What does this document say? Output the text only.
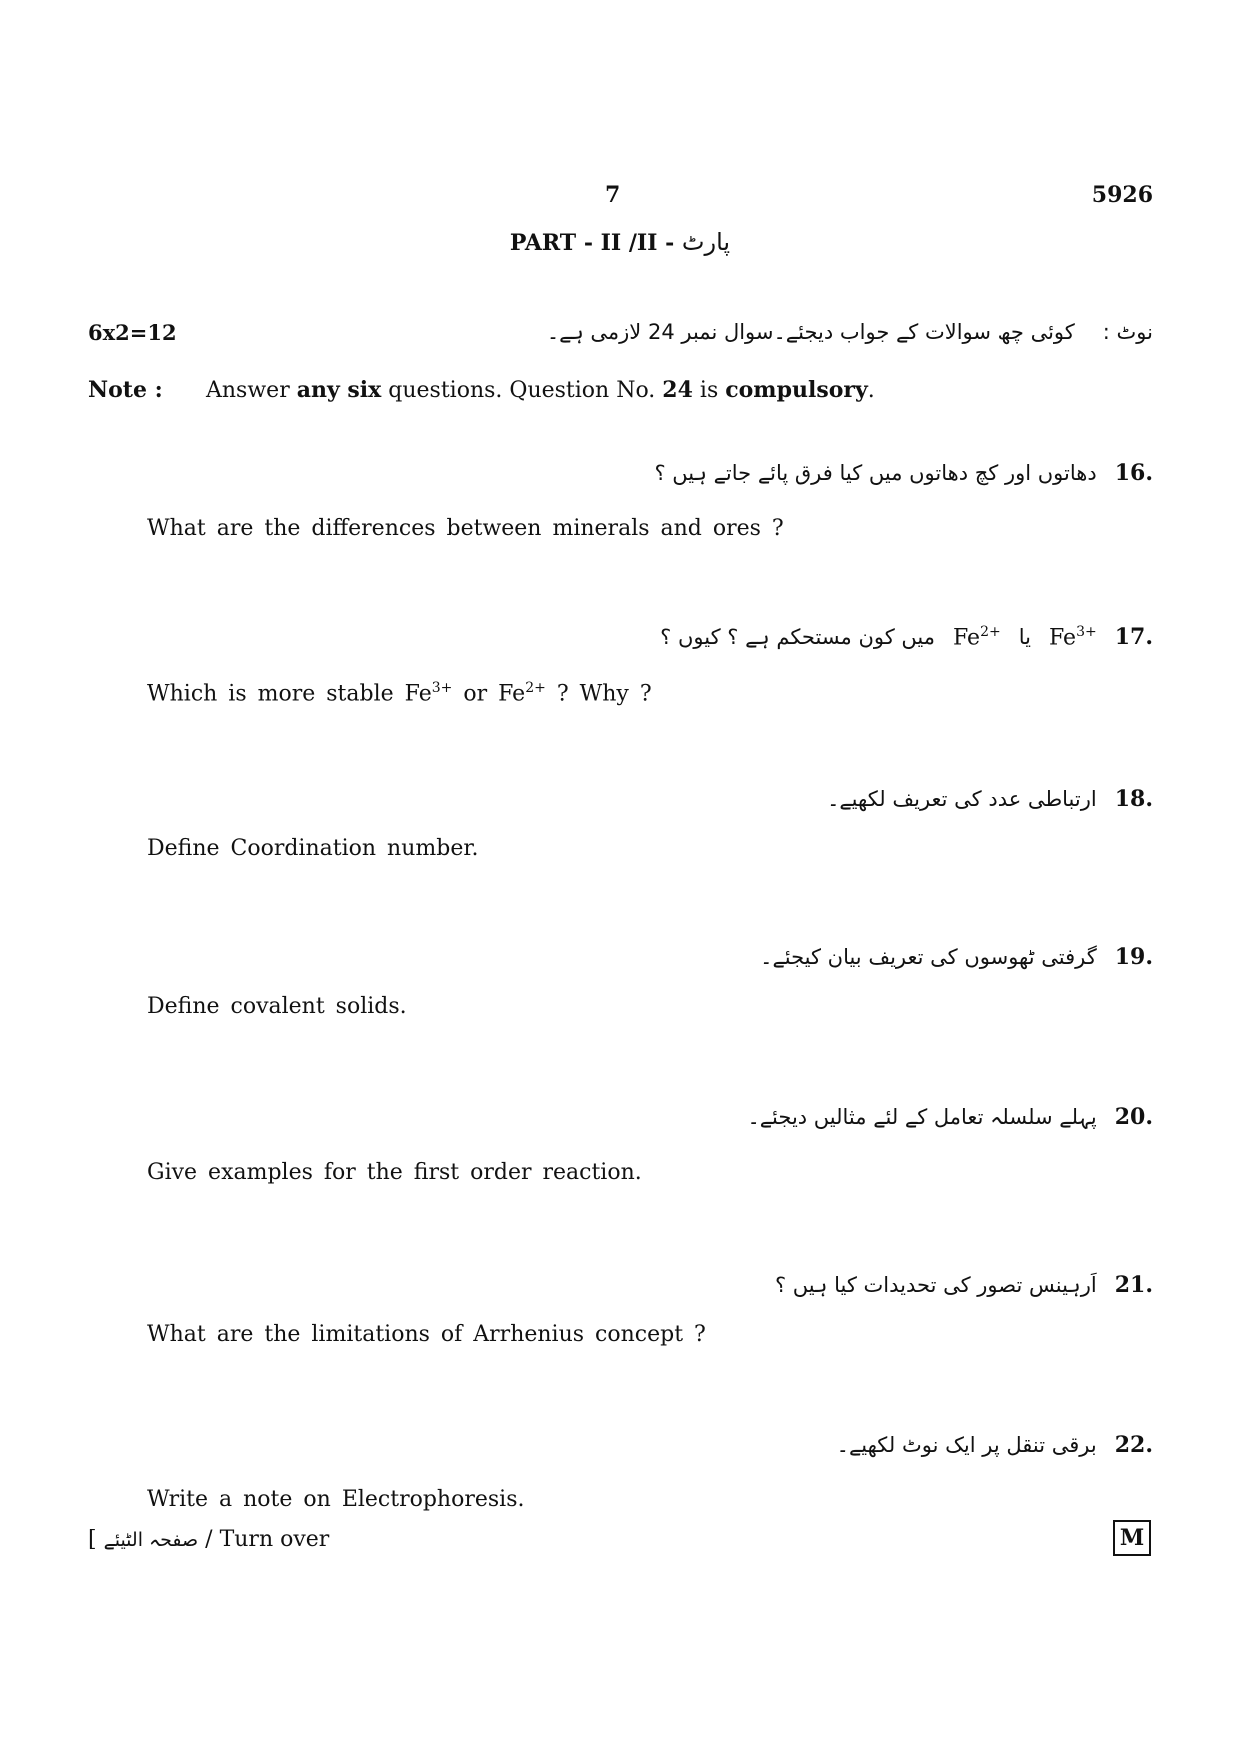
7	5926
PART - II /II - پارٹ
6x2=12	نوٹ :
کوئی چھ سوالات کے جواب دیجئے۔سوال نمبر 24 لازمی ہے۔
Note : Answer any six questions. Question No. 24 is compulsory.
16.
دھاتوں اور کچ دھاتوں میں کیا فرق پائے جاتے ہیں ؟
What are the differences between minerals and ores ?
17.
$Fe^{3+}$
یا
$Fe^{2+}$
میں کون مستحکم ہے ؟ کیوں ؟
Which is more stable $Fe^{3+}$ or $Fe^{2+}$ ? Why ?
18.
ارتباطی عدد کی تعریف لکھیے۔
Define Coordination number.
19.
گرفتی ٹھوسوں کی تعریف بیان کیجئے۔
Define covalent solids.
20.
پہلے سلسلہ تعامل کے لئے مثالیں دیجئے۔
Give examples for the first order reaction.
21.
اَرہینس تصور کی تحدیدات کیا ہیں ؟
What are the limitations of Arrhenius concept ?
22.
برقی تنقل پر ایک نوٹ لکھیے۔
Write a note on Electrophoresis.
[ صفحہ الٹیئے / Turn over	M
